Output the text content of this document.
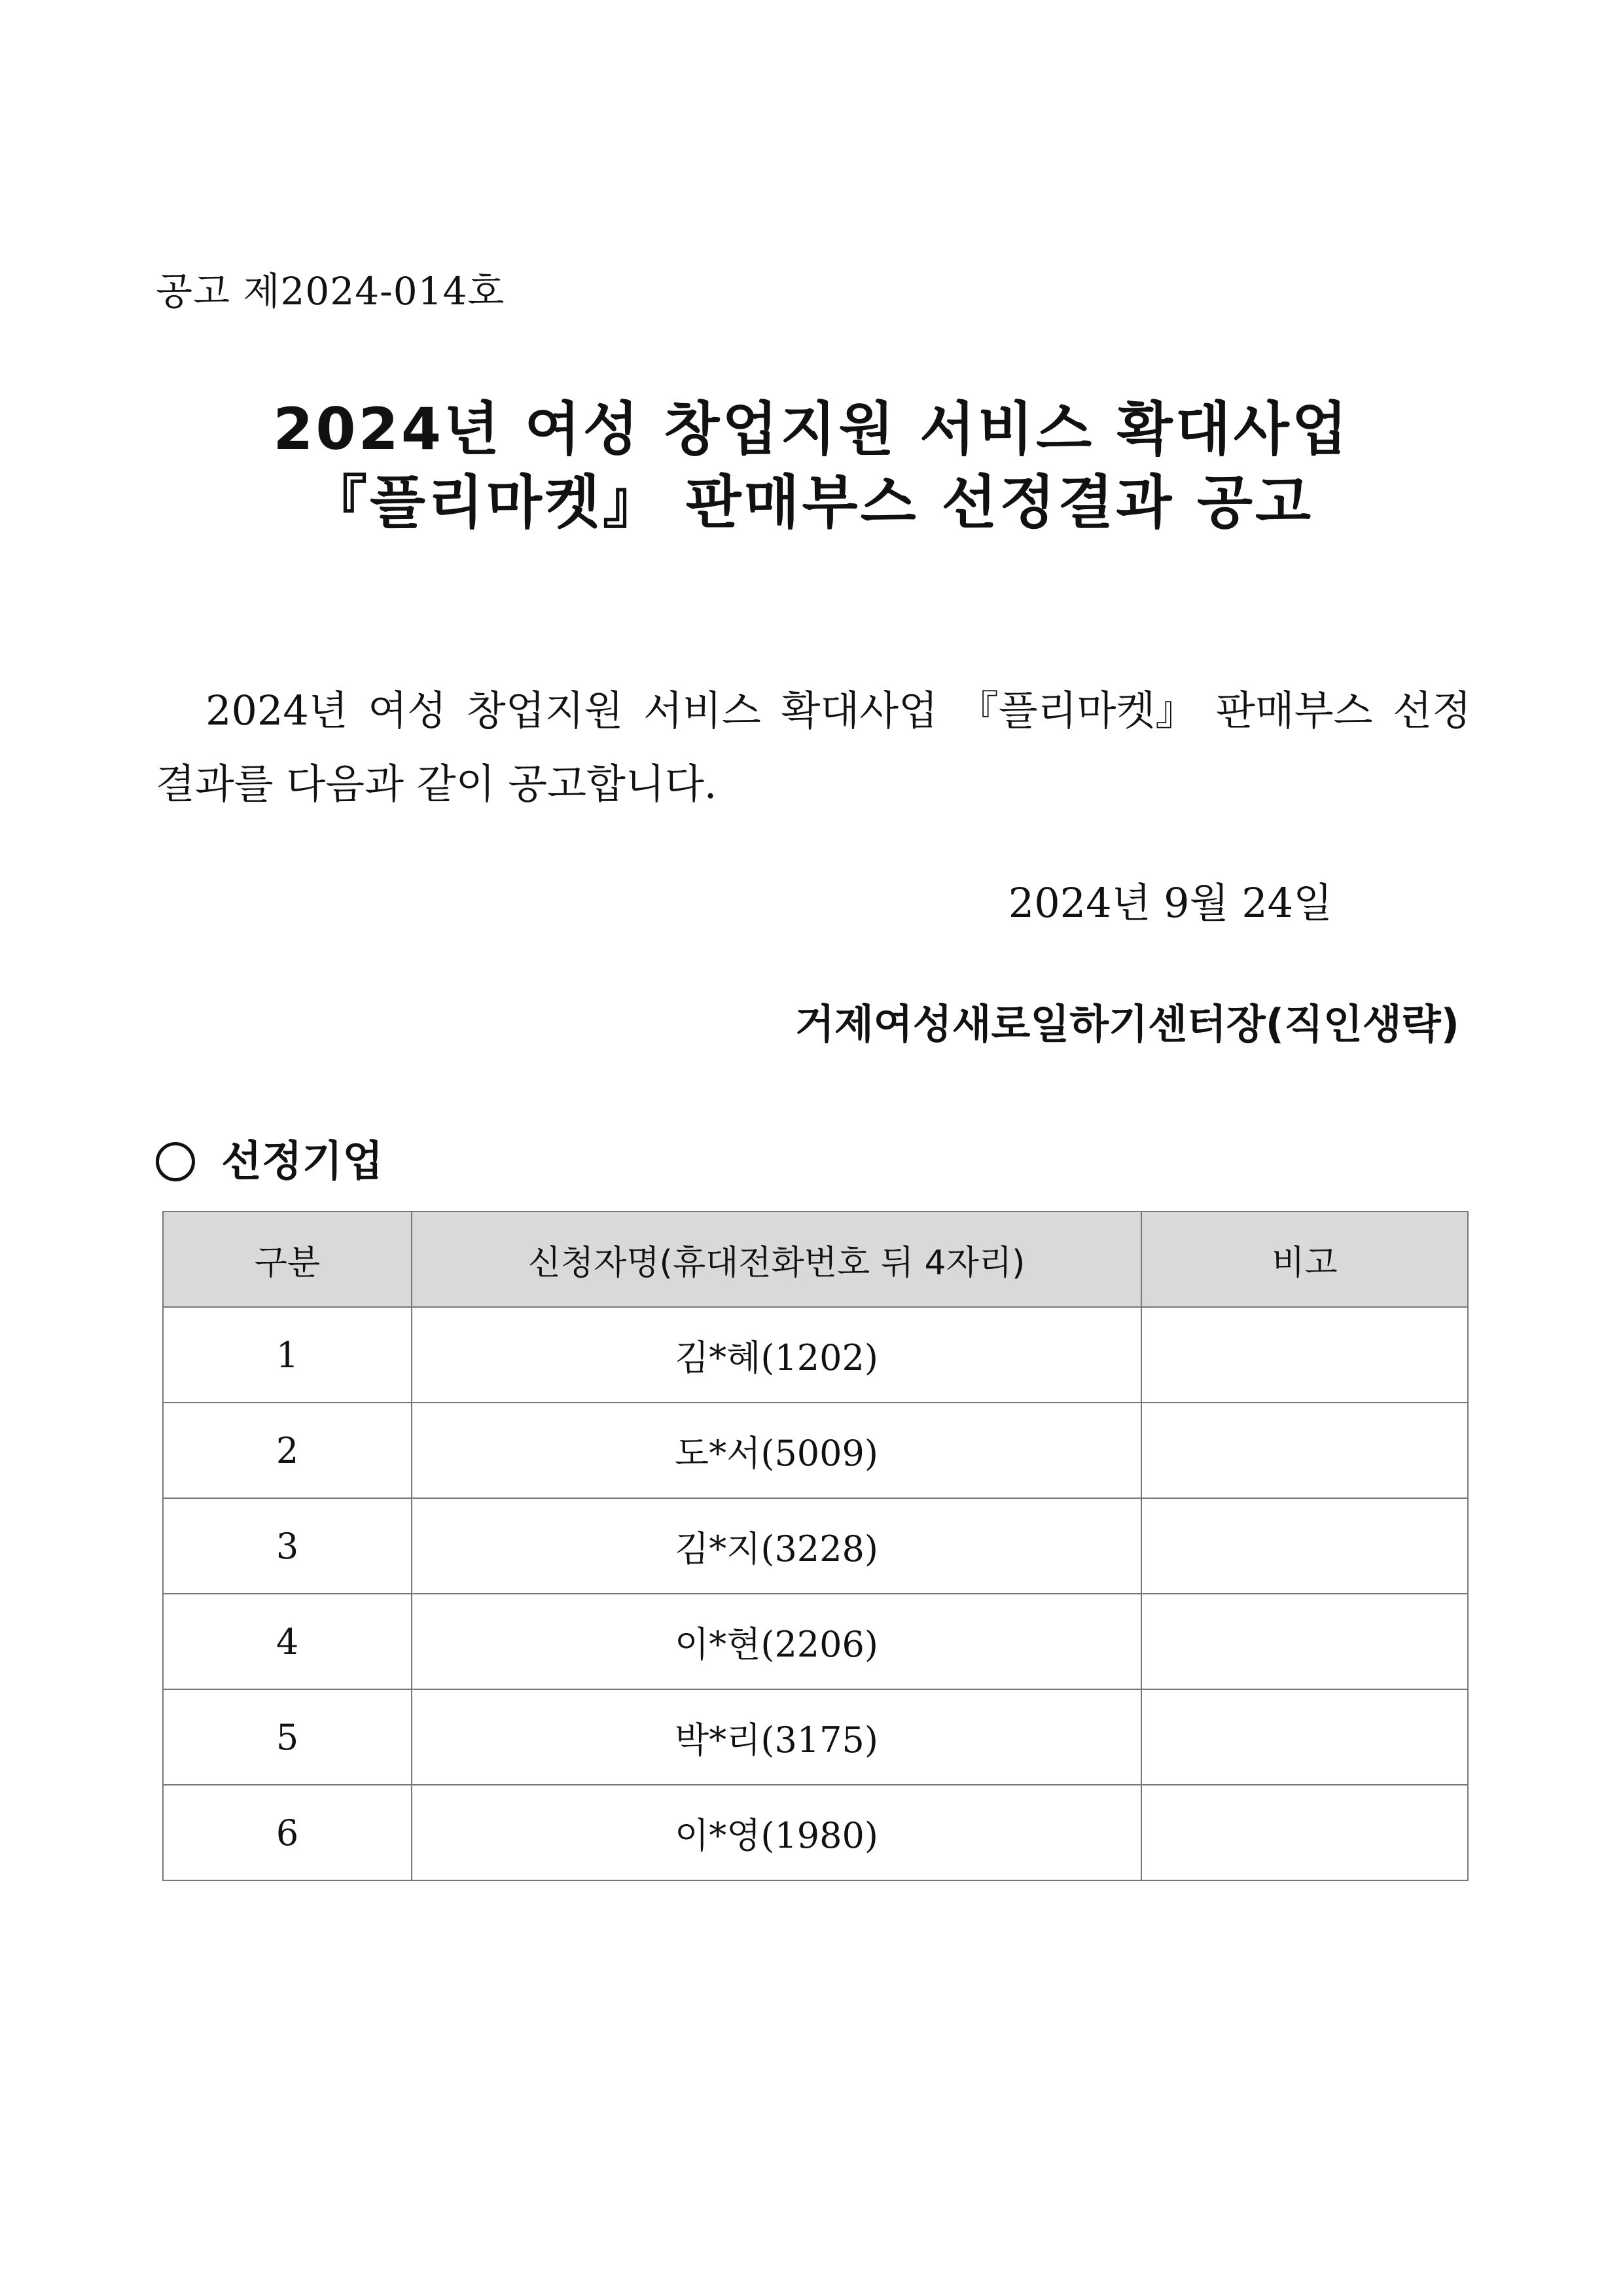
공고 제2024-014호
2024년 여성 창업지원 서비스 확대사업
『플리마켓』 판매부스 선정결과 공고
2024년 여성 창업지원 서비스 확대사업 『플리마켓』 판매부스 선정
결과를 다음과 같이 공고합니다.
2024년 9월 24일
거제여성새로일하기센터장(직인생략)
선정기업
구분	신청자명(휴대전화번호 뒤 4자리)	비고
1	김*혜(1202)	
2	도*서(5009)	
3	김*지(3228)	
4	이*현(2206)	
5	박*리(3175)	
6	이*영(1980)	
